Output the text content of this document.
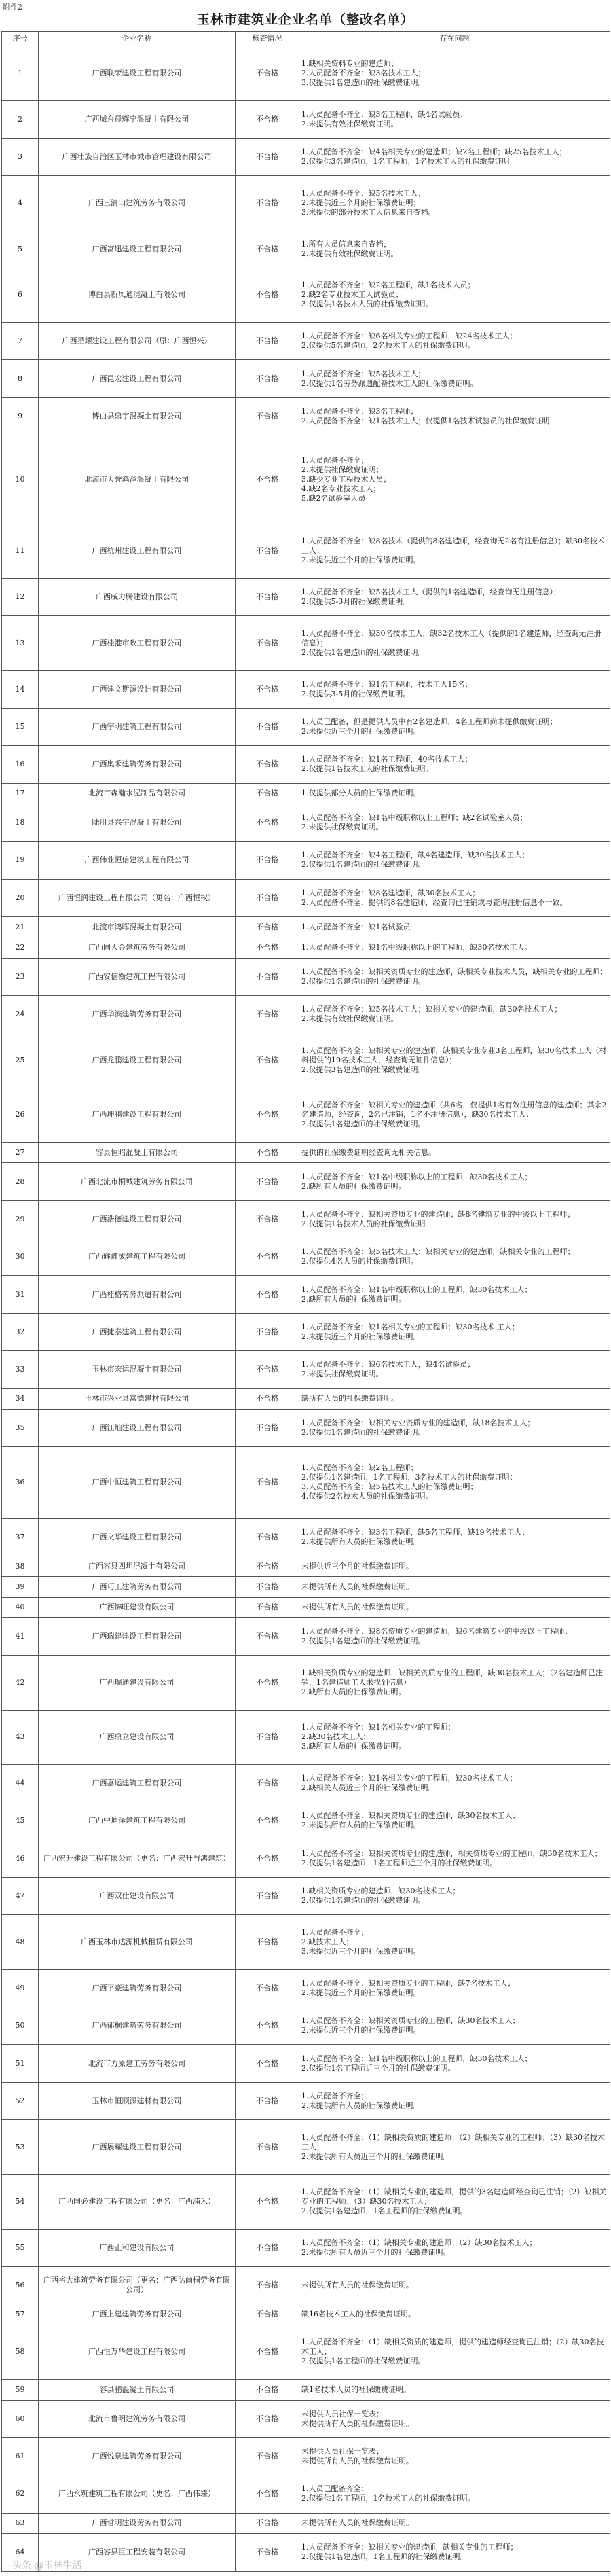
附件2
玉林市建筑业企业名单（整改名单）
序号	企业名称	核查情况	存在问题
1	广西联荣建设工程有限公司	不合格	1.缺相关资料专业的建造师；
2.人员配备不齐全：缺3名技术工人；
3.仅提供1名建造师的社保缴费证明。

2	广西城台晨辉宁混凝土有限公司	不合格	1.人员配备不齐全：缺3名工程师，缺4名试验员；
2.未提供有效社保缴费证明。

3	广西壮族自治区玉林市城市管理建设有限公司	不合格	1.人员配备不齐全：缺4名相关专业的建造师；缺2名工程师；缺25名技术工人；
2.仅提供3名建造师，1名工程师，1名技术工人的社保缴费证明

4	广西三清山建筑劳务有限公司	不合格	1.人员配备不齐全：缺5名技术工人；
2.未提供近三个月的社保缴费证明；
3.未提供的部分技术工人信息来自查档。

5	广西富迅建设工程有限公司	不合格	1.所有人员信息来自查档；
2.未提供有效社保缴费证明。

6	博白县新凤通混凝土有限公司	不合格	1.人员配备不齐全：缺2名工程师，缺1名技术人员；
2.缺2名专业技术工人试验员；
3.仅提供1名技术人员的社保缴费证明。

7	广西星耀建设工程有限公司（原：广西恒兴）	不合格	1.人员配备不齐全：缺6名相关专业的工程师，缺24名技术工人；
2.仅提供5名建造师，2名技术工人的社保缴费证明。

8	广西昆宏建设工程有限公司	不合格	1.人员配备不齐全：缺5名技术工人；
2.仅提供1名劳务派遣配备技术工人的社保缴费证明。

9	博白县鼎宇混凝土有限公司	不合格	1.人员配备不齐全：缺3名工程师；
2.人员配备不齐全：缺1名技术工人；仅提供1名技术试验员的社保缴费证明

10	北流市大誉鸿泽混凝土有限公司	不合格	1.人员配备不齐全；
2.未提供社保缴费证明；
3.缺少专业工程技术人员；
4.缺2名专业技术工人；
5.缺2名试验室人员

11	广西杭州建设工程有限公司	不合格	1.人员配备不齐全：缺8名技术（提供的8名建造师，经查询无2名有注册信息）；缺30名技术工人；
2.未提供近三个月的社保缴费证明。

12	广西威力腾建设有限公司	不合格	1.人员配备不齐全：缺5名技术工人（提供的1名建造师，经查询无注册信息）；
2.仅提供5-3月的社保缴费证明。

13	广西桂港市政工程有限公司	不合格	1.人员配备不齐全：缺30名技术工人，缺32名技术工人（提供的1名建造师，经查询无注册信息）；
2.仅提供1名建造师的社保缴费证明。

14	广西建文斯源设计有限公司	不合格	1.人员配备不齐全：缺1名工程师，技术工人15名；
2.仅提供3-5月的社保缴费证明。

15	广西宇明建筑工程有限公司	不合格	1.人员已配备，但是提供人员中有2名建造师，4名工程师尚未提供缴费证明；
2.未提供近三个月的社保缴费证明。

16	广西奥禾建筑劳务有限公司	不合格	1.人员配备不齐全：缺1名工程师，40名技术工人；
2.仅提供1名技术工人的社保缴费证明。

17	北流市森瀚水泥制品有限公司	不合格	1.仅提供部分人员的社保缴费证明。

18	陆川县兴宇混凝土有限公司	不合格	1.人员配备不齐全：缺1名中级职称以上工程师；缺2名试验室人员；
2.未提供社保缴费证明。

19	广西伟业恒信建筑工程有限公司	不合格	1.人员配备不齐全：缺4名工程师，缺4名建造师，缺30名技术工人；
2.仅提供1名建造师的社保缴费证明。

20	广西恒润建设工程有限公司（更名：广西恒权）	不合格	1.人员配备不齐全：缺8名建造师，缺30名技术工人；
2.人员配备不齐全：提供的8名建造师，经查询已注销或与查询注册信息不一致。

21	北流市鸿晖混凝土有限公司	不合格	1.人员配备不齐全：缺1名试验员

22	广西同大金建筑劳务有限公司	不合格	1.人员配备不齐全：缺1名中级职称以上的工程师，缺30名技术工人。

23	广西安信衡建筑工程有限公司	不合格	1.人员配备不齐全：缺相关资质专业的建造师，缺相关专业技术人员，缺相关专业的工程师；
2.仅提供1名建造师的社保缴费证明。

24	广西华滨建筑劳务有限公司	不合格	1.人员配备不齐全：缺5名技术工人；缺相关专业的建造师，缺30名技术工人；
2.未提供有效社保缴费证明。

25	广西龙鹏建设工程有限公司	不合格	1.人员配备不齐全：缺相关专业的建造师，缺相关专业专业3名工程师，缺30名技术工人（材料提供的10名技术工人，经查询无证件信息）；
2.仅提供3名建造师的社保缴费证明。

26	广西坤鹏建设工程有限公司	不合格	1.人员配备不齐全：缺相关专业的建造师（共6名，仅提供1名有效注册信息的建造师；其余2名建造师，经查询，2名已注销，1名不注册信息），缺30名技术工人；
2.仅提供1名建造师的社保缴费证明。

27	容县恒昭混凝土有限公司	不合格	提供的社保缴费证明经查询无相关信息。

28	广西北流市桐城建筑劳务有限公司	不合格	1.人员配备不齐全：缺1名中级职称以上的工程师，缺30名技术工人；
2.缺所有人员的社保缴费证明。

29	广西浩德建设工程有限公司	不合格	1.人员配备不齐全：缺相关资质专业的建造师；缺8名建筑专业的中级以上工程师；
2.仅提供1名技术人员的社保缴费证明

30	广西辉鑫成建筑工程有限公司	不合格	1.人员配备不齐全：缺5名技术工人；缺相关专业的建造师，缺相关专业的工程师；
2.仅提供4名人员的社保缴费证明。

31	广西桂格劳务派遣有限公司	不合格	1.人员配备不齐全：缺1名中级职称以上的工程师，缺30名技术工人；
2.缺所有人员的社保缴费证明。

32	广西捷泰建筑工程有限公司	不合格	1.人员配备不齐全：缺1名相关专业的工程师；缺30名技术 工人；
2.未提供近三个月的社保缴费证明。

33	玉林市宏运混凝土有限公司	不合格	1.人员配备不齐全：缺6名技术工人，缺4名试验员；
2.未提供社保缴费证明。

34	玉林市兴业县富德建材有限公司	不合格	缺所有人员的社保缴费证明。

35	广西江灿建设工程有限公司	不合格	1.人员配备不齐全：缺相关专业资质专业的建造师，缺18名技术工人；
2.仅提供1名建造师的社保缴费证明。

36	广西中恒建筑工程有限公司	不合格	1.人员配备不齐全：缺2名工程师；
2.仅提供1名建造师，1名工程师，3名技术工人的社保缴费证明；
3.人员配备不齐全：缺5名技术工人的社保缴费证明；
4.仅提供2名技术人员的社保缴费证明。

37	广西文华建设工程有限公司	不合格	1.人员配备不齐全：缺3名工程师，缺5名工程师；缺19名技术工人；
2.未提供所有人员的社保缴费证明。

38	广西容县四坦混凝土有限公司	不合格	未提供近三个月的社保缴费证明。

39	广西巧工建筑劳务有限公司	不合格	未提供所有人员的社保缴费证明。

40	广西锦旺建设有限公司	不合格	未提供所有人员的社保缴费证明。

41	广西瑞建建设工程有限公司	不合格	1.人员配备不齐全：缺8名资质专业的建造师，缺6名建筑专业的中级以上工程师；
2.仅提供1名建造师的社保缴费证明。

42	广西瑞通建设有限公司	不合格	1.缺相关资质专业的建造师，缺相关资质专业的工程师，缺30名技术工人；（2名建造师已注销，1名建造师工人未找到信息）
2.缺所有人员的社保缴费证明。

43	广西鼎立建设有限公司	不合格	1.人员配备不齐全：缺1名相关专业的工程师；
2.缺30名技术工人；
3.缺所有人员的社保缴费证明。

44	广西嘉运建筑工程有限公司	不合格	1.人员配备不齐全：缺1名相关专业的工程师，缺30名技术工人；
2.缺相关人员近三个月的社保缴费证明。

45	广西中迪泽建筑工程有限公司	不合格	1.人员配备不齐全：缺相关资质专业的建造师，缺30名技术工人；
2.未提供所有人员的社保缴费证明。

46	广西宏升建设工程有限公司（更名：广西宏升与鸿建筑）	不合格	1.人员配备不齐全：缺相关资质专业的建造师，相关资质专业的工程师，缺30名技术工人；
2.仅提供1名建造师，1名工程师近三个月的社保缴费证明。

47	广西双仕建设有限公司	不合格	1.缺相关资质专业的建造师，缺30名技术工人；
2.仅提供1名建造师的社保缴费证明。

48	广西玉林市达源机械租赁有限公司	不合格	1.人员配备不齐全；
2.缺技术工人；
3.未提供近三个月的社保缴费证明。

49	广西平豪建筑劳务有限公司	不合格	1.人员配备不齐全：缺相关资质专业的工程师，缺7名技术工人；
2.未提供近三个月的社保缴费证明。

50	广西郁桐建筑劳务有限公司	不合格	1.人员配备不齐全：缺相关资质专业的工程师，缺30名技术工人；
2.未提供近三个月的社保缴费证明。

51	北流市力原建工劳务有限公司	不合格	1.人员配备不齐全：缺1名中级职称以上的工程师，缺30名技术工人；
2.仅提供1名工程师近三个月的社保缴费证明。

52	玉林市恒顺源建材有限公司	不合格	1.人员配备不齐全；
2.未提供所有人员的社保缴费证明。

53	广西展耀建设工程有限公司	不合格	1.人员配备不齐全：（1）缺相关资质的建造师；（2）缺相关专业的工程师；（3）缺30名技术工人；
2.未提供所有人员近三个月的社保缴费证明。

54	广西国必建设工程有限公司（更名：广西浦禾）	不合格	1.人员配备不齐全：（1）缺相关专业的建造师，提供的3名建造师经查询已注销；（2）缺相关专业的工程师；（3）缺30名技术工人；
2.仅提供1名建造师，1名工程师的社保缴费证明。

55	广西正和建设有限公司	不合格	1.人员配备不齐全：（1）缺相关专业的建造师；（2）缺30名技术工人；
2.未提供所有人员近三个月的社保缴费证明。

56	广西裕大建筑劳务有限公司（更名：广西弘尚桐劳务有限公司）	不合格	未提供所有人员的社保缴费证明。

57	广西上建建筑劳务有限公司	不合格	缺16名技术工人的社保缴费证明。

58	广西恒万华建设工程有限公司	不合格	1.人员配备不齐全：（1）缺相关资质的建造师，提供的建造师经查询已注销；（2）缺30名技术工人；
2.仅提供1名工程师的社保缴费证明。

59	容县鹏混凝土有限公司	不合格	缺1名技术人员的社保缴费证明。

60	北流市鲁明建筑劳务有限公司	不合格	未提供人员社保一览表；
未提供所有人员的社保缴费证明。

61	广西悦泉建筑劳务有限公司	不合格	未提供人员社保一览表；
未提供所有人员的社保缴费证明。

62	广西永筑建筑工程有限公司（更名：广西伟臻）	不合格	1.人员已配备齐全；
2.仅提供1名工程师，1名技术工人的社保缴费证明。

63	广西哲明建设劳务有限公司	不合格	未提供所有人员的社保缴费证明。

64	广西容县巨工程安装有限公司	不合格	1.人员配备不齐全：缺相关专业的建造师，缺相关专业的工程师；
2.仅提供1名建造师，1名工程师的社保缴费证明。
头条 @玉林生活
